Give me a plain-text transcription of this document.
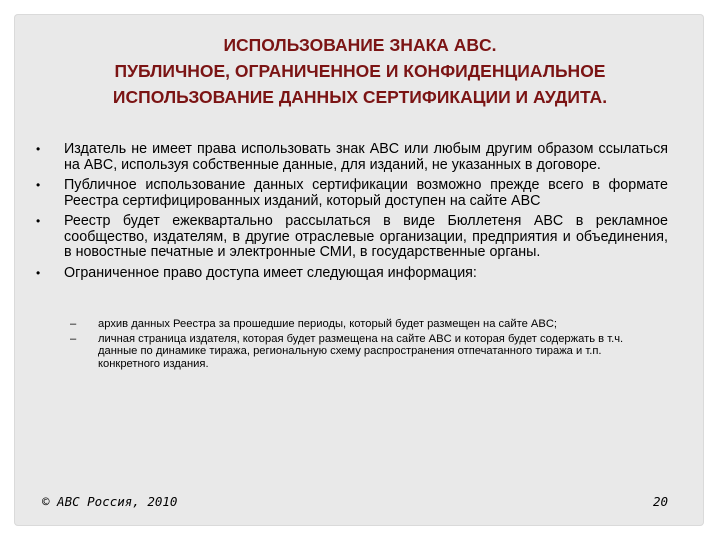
ИСПОЛЬЗОВАНИЕ ЗНАКА ABC.
ПУБЛИЧНОЕ, ОГРАНИЧЕННОЕ И КОНФИДЕНЦИАЛЬНОЕ
ИСПОЛЬЗОВАНИЕ ДАННЫХ СЕРТИФИКАЦИИ И АУДИТА.
•	Издатель не имеет права использовать знак ABC или любым другим образом ссылаться на ABC, используя собственные данные, для изданий, не указанных в договоре.
•	Публичное использование данных сертификации возможно прежде всего в формате Реестра сертифицированных изданий, который доступен на сайте ABC
•	Реестр будет ежеквартально рассылаться в виде Бюллетеня ABC в рекламное сообщество, издателям, в другие отраслевые организации, предприятия и объединения, в новостные печатные и электронные СМИ, в государственные органы.
•	Ограниченное право доступа имеет следующая информация:
– архив данных Реестра за прошедшие периоды, который будет размещен на сайте ABC;
– личная страница издателя, которая будет размещена на сайте ABC и которая будет содержать в т.ч. данные по динамике тиража, региональную схему распространения отпечатанного тиража и т.п. конкретного издания.
© ABC Россия, 2010	20
